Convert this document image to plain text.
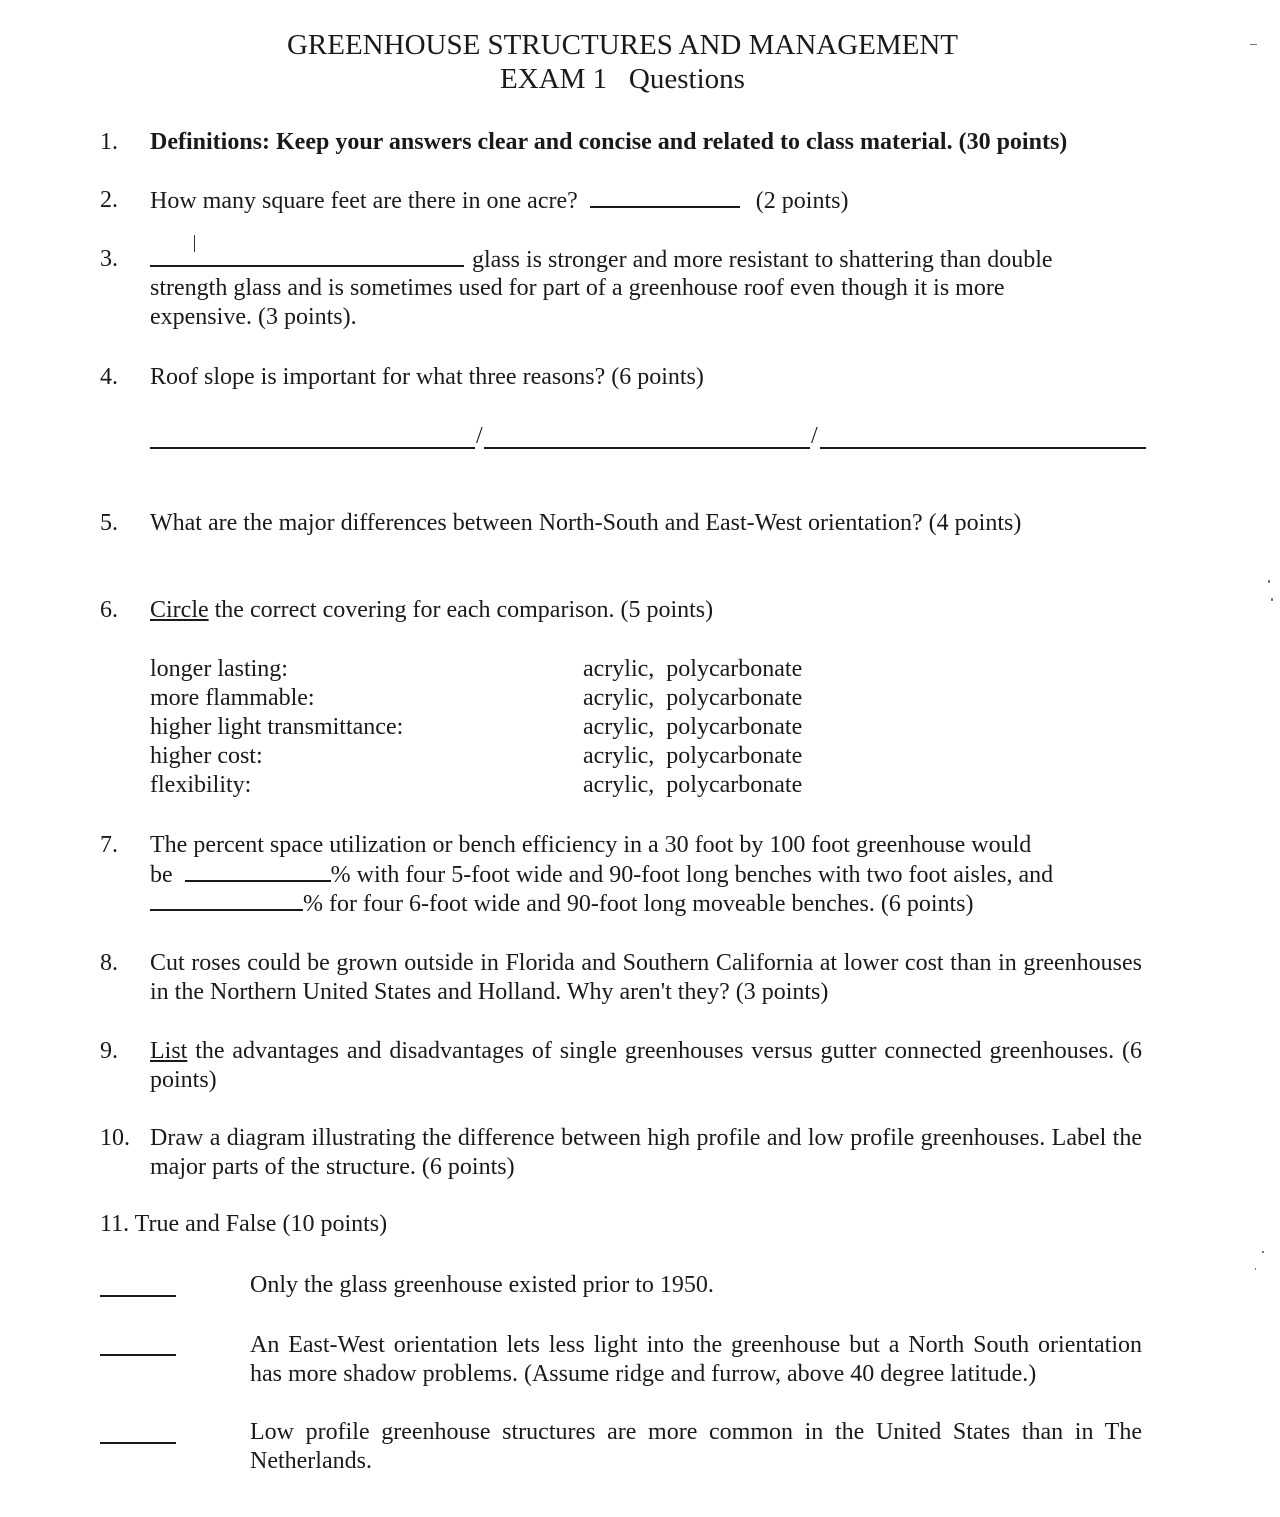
GREENHOUSE STRUCTURES AND MANAGEMENT
EXAM 1   Questions
1. Definitions: Keep your answers clear and concise and related to class material. (30 points)
2. How many square feet are there in one acre?	(2 points)
3.	glass is stronger and more resistant to shattering than double
strength glass and is sometimes used for part of a greenhouse roof even though it is more expensive. (3 points).
4. Roof slope is important for what three reasons? (6 points)
/	/
5. What are the major differences between North-South and East-West orientation? (4 points)
6. Circle the correct covering for each comparison. (5 points)
longer lasting:	acrylic,  polycarbonate
more flammable:	acrylic,  polycarbonate
higher light transmittance:	acrylic,  polycarbonate
higher cost:	acrylic,  polycarbonate
flexibility:	acrylic,  polycarbonate
7. The percent space utilization or bench efficiency in a 30 foot by 100 foot greenhouse would
be	% with four 5-foot wide and 90-foot long benches with two foot aisles, and
% for four 6-foot wide and 90-foot long moveable benches. (6 points)
8. Cut roses could be grown outside in Florida and Southern California at lower cost than in greenhouses in the Northern United States and Holland. Why aren't they? (3 points)
9. List the advantages and disadvantages of single greenhouses versus gutter connected greenhouses. (6 points)
10. Draw a diagram illustrating the difference between high profile and low profile greenhouses. Label the major parts of the structure. (6 points)
11. True and False (10 points)
Only the glass greenhouse existed prior to 1950.
An East-West orientation lets less light into the greenhouse but a North South orientation has more shadow problems. (Assume ridge and furrow, above 40 degree latitude.)
Low profile greenhouse structures are more common in the United States than in The Netherlands.
